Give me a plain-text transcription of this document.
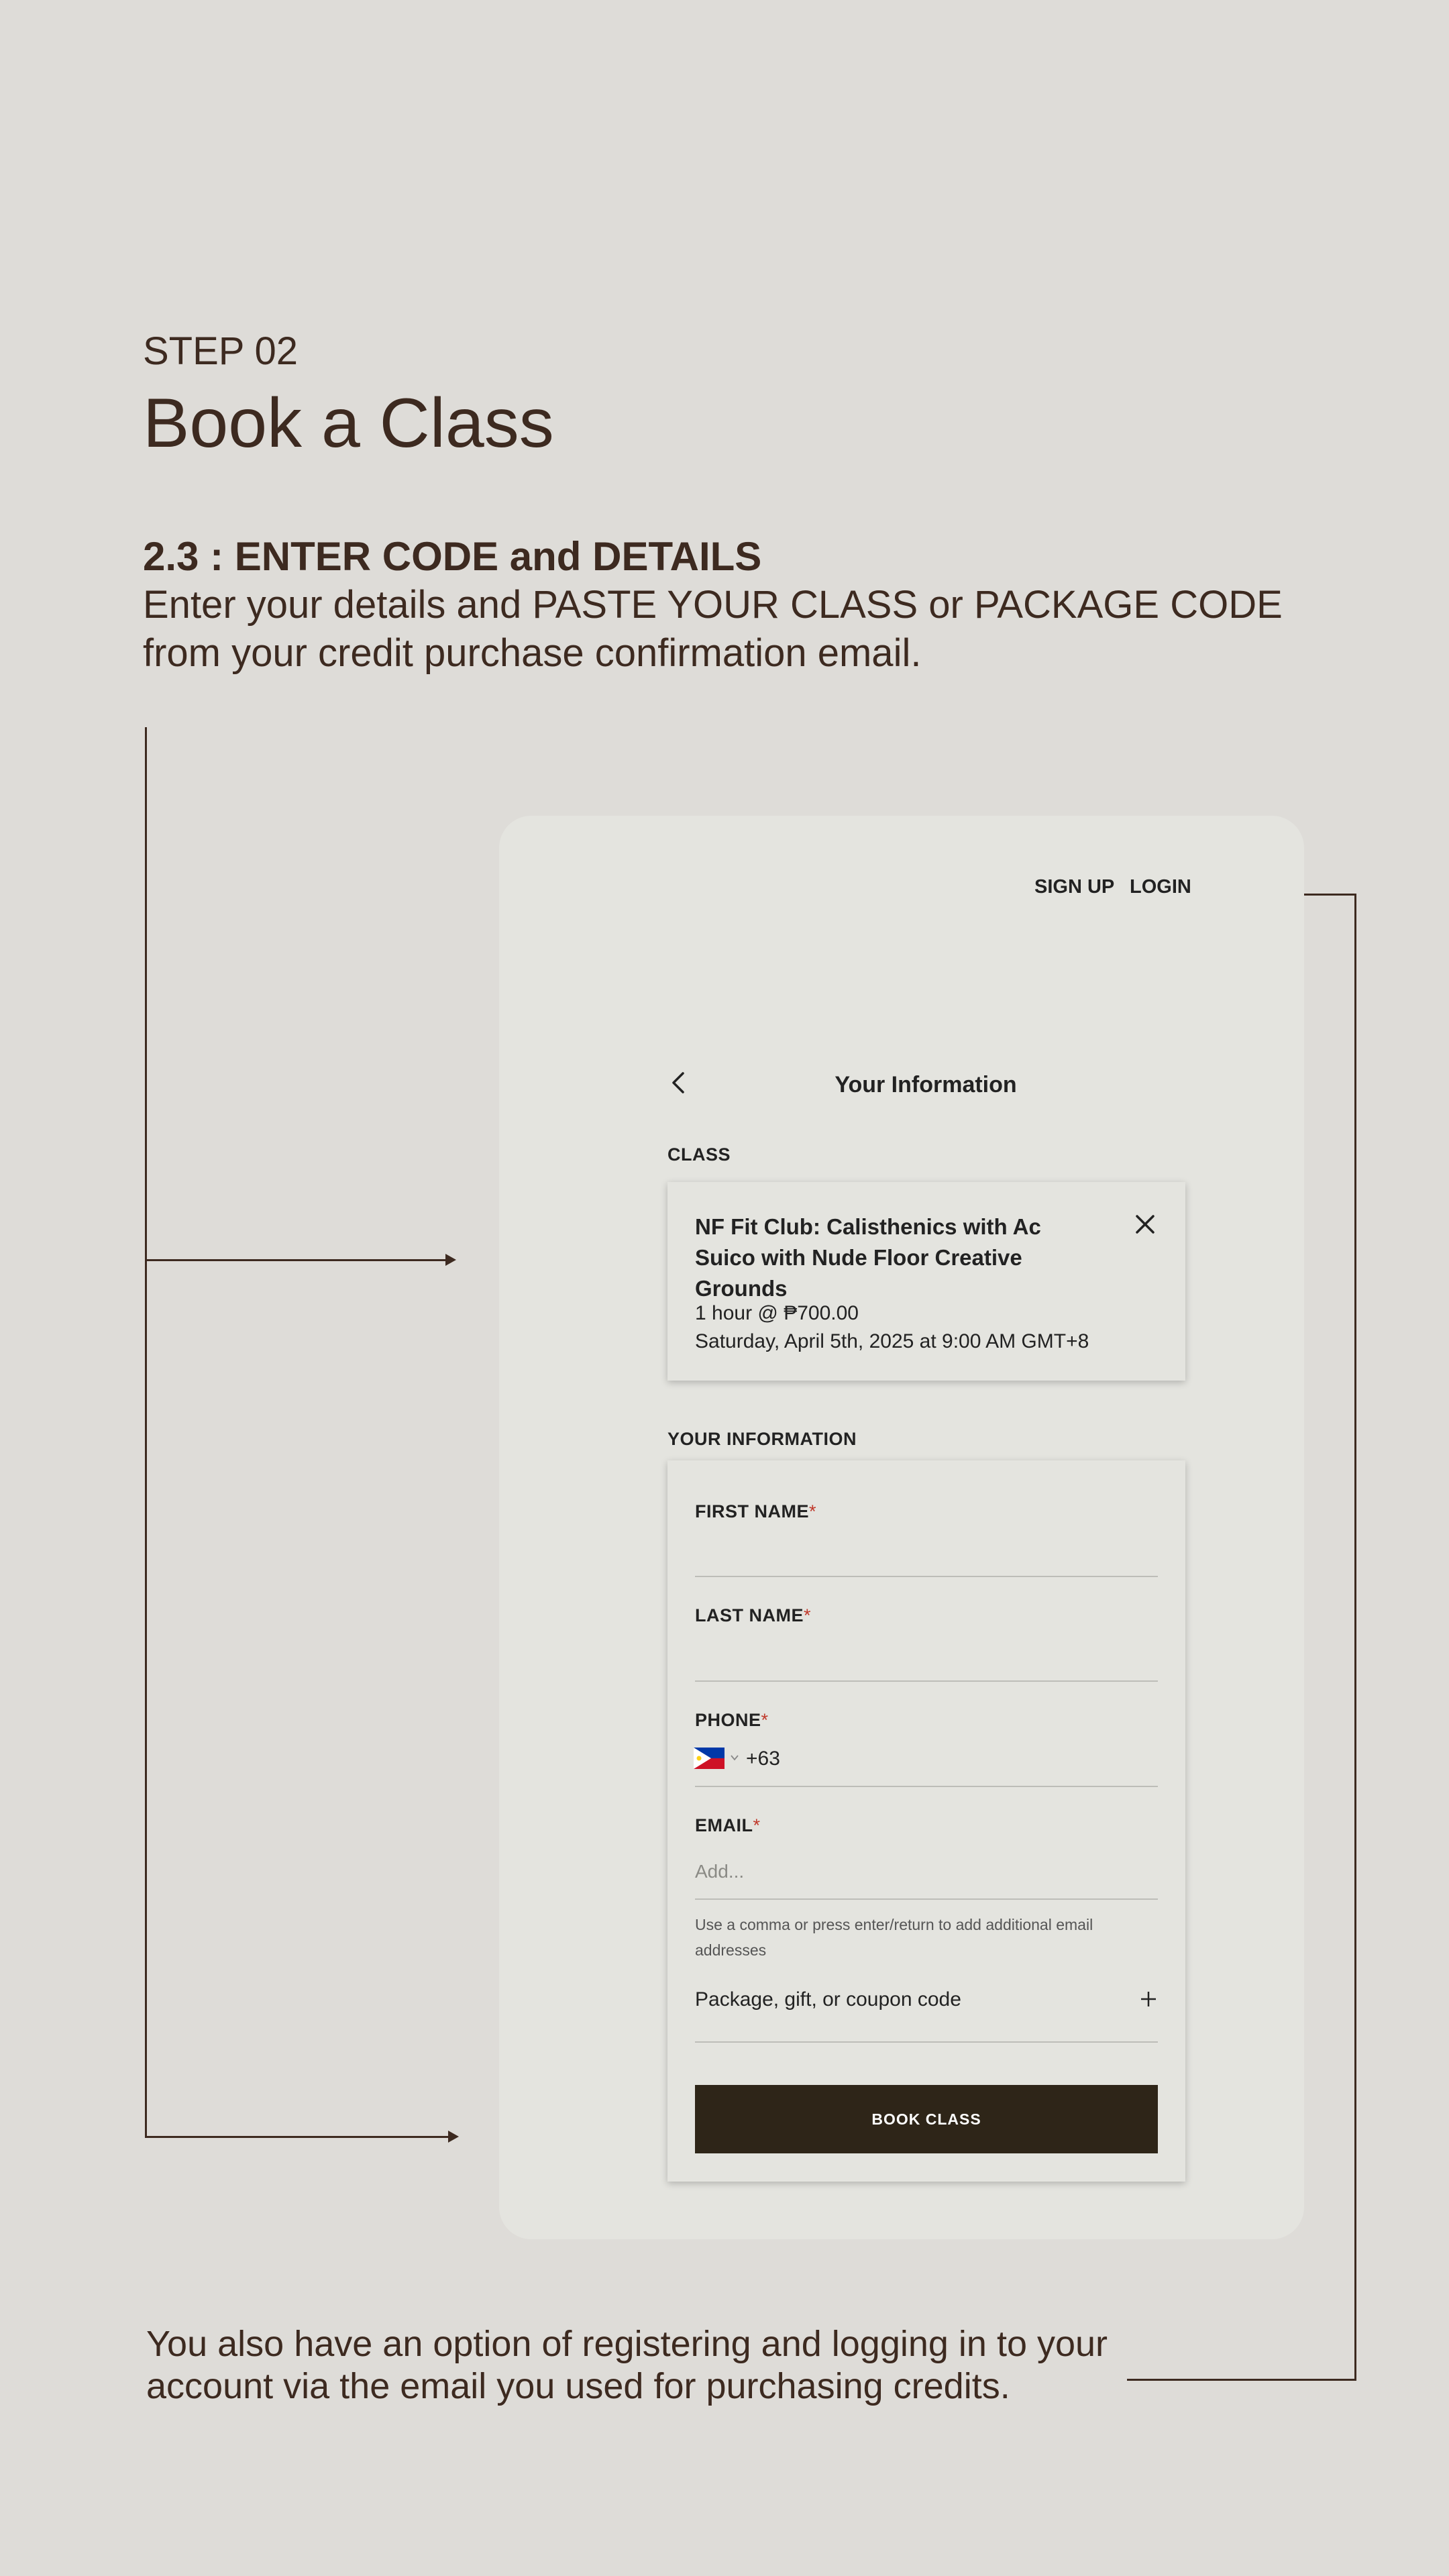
STEP 02
Book a Class
2.3 : ENTER CODE and DETAILS
Enter your details and PASTE YOUR CLASS or PACKAGE CODE from your credit purchase confirmation email.
SIGN UP LOGIN
Your Information
CLASS
NF Fit Club: Calisthenics with Ac Suico with Nude Floor Creative Grounds
1 hour @ ₱700.00
Saturday, April 5th, 2025 at 9:00 AM GMT+8
YOUR INFORMATION
FIRST NAME*
LAST NAME*
PHONE*
+63
EMAIL*
Add...
Use a comma or press enter/return to add additional email addresses
Package, gift, or coupon code
BOOK CLASS
You also have an option of registering and logging in to your account via the email you used for purchasing credits.
